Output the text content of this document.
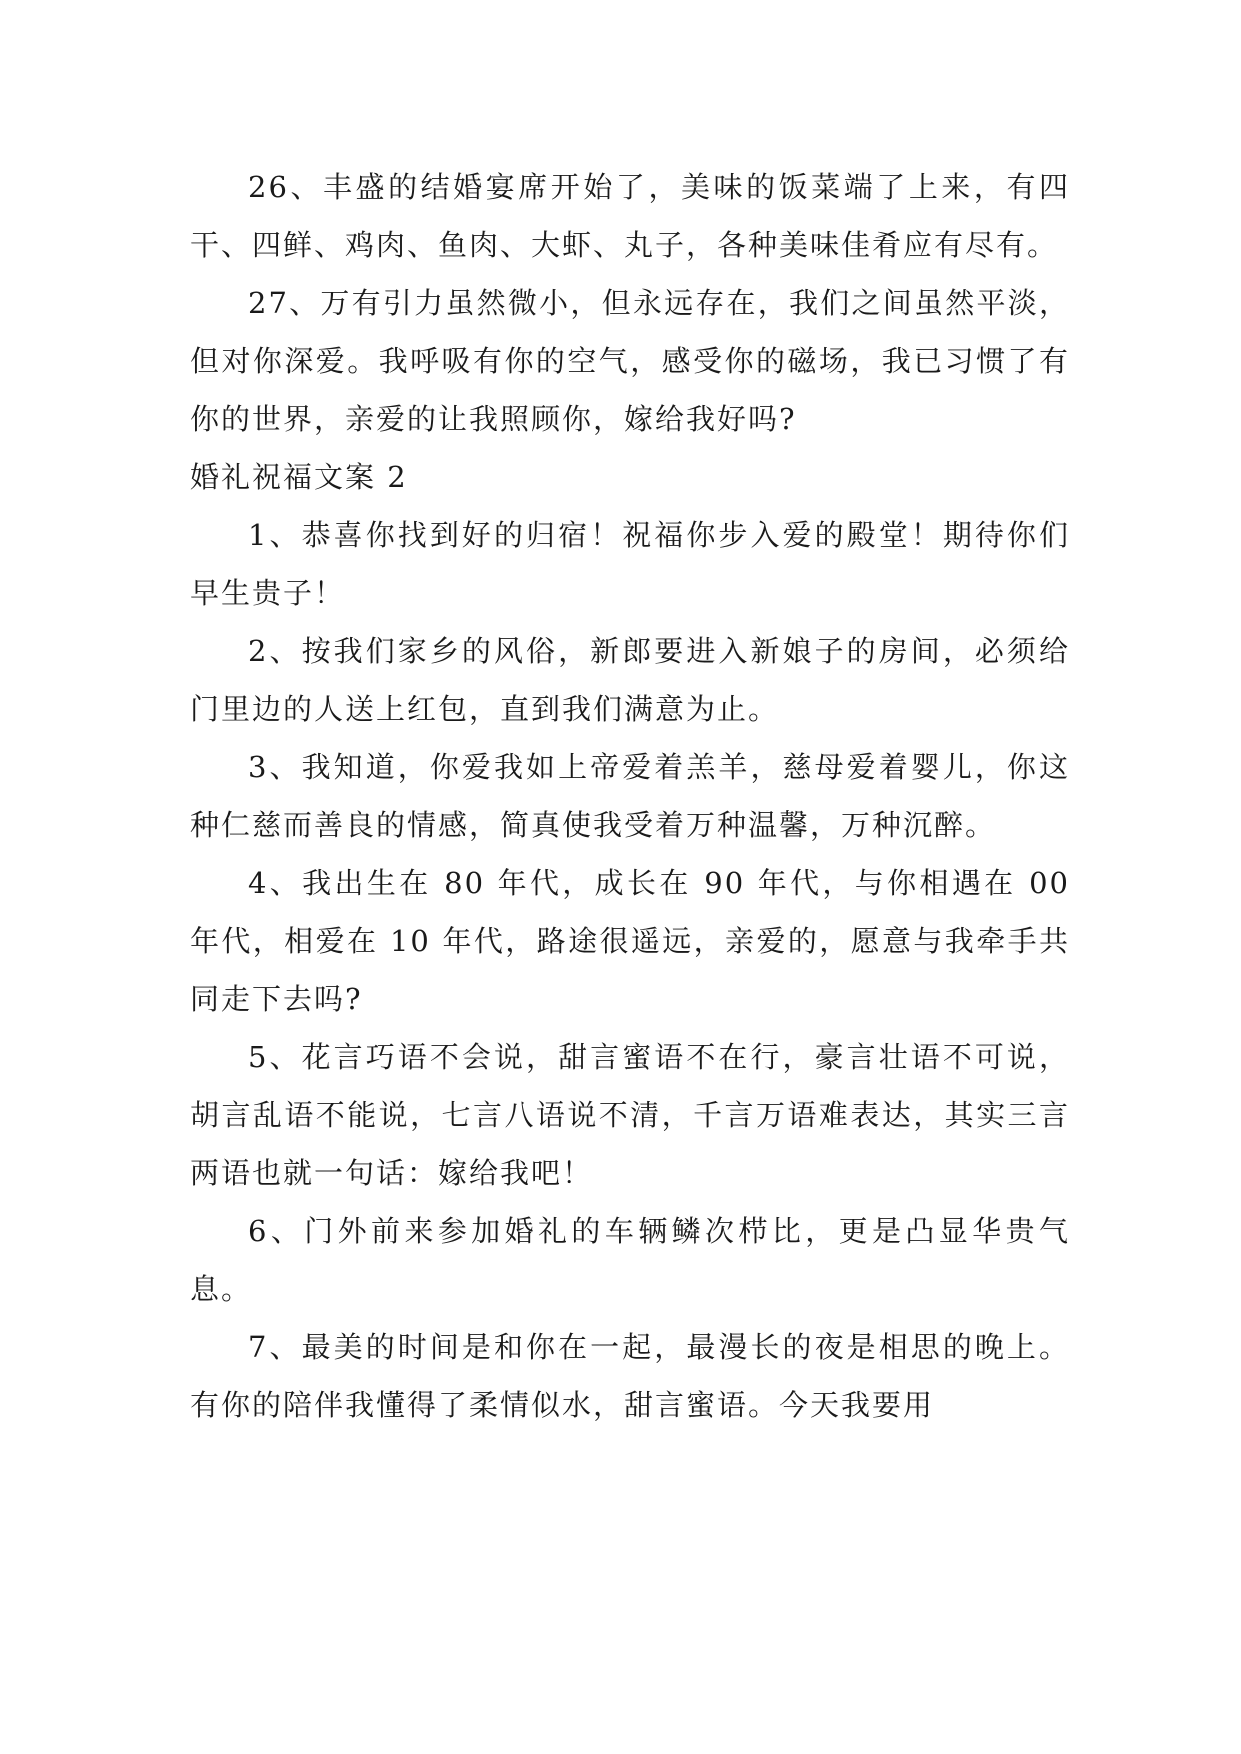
26、丰盛的结婚宴席开始了，美味的饭菜端了上来，有四干、四鲜、鸡肉、鱼肉、大虾、丸子，各种美味佳肴应有尽有。

27、万有引力虽然微小，但永远存在，我们之间虽然平淡，但对你深爱。我呼吸有你的空气，感受你的磁场，我已习惯了有你的世界，亲爱的让我照顾你，嫁给我好吗?

婚礼祝福文案 2

1、恭喜你找到好的归宿！祝福你步入爱的殿堂！期待你们早生贵子！

2、按我们家乡的风俗，新郎要进入新娘子的房间，必须给门里边的人送上红包，直到我们满意为止。

3、我知道，你爱我如上帝爱着羔羊，慈母爱着婴儿，你这种仁慈而善良的情感，简真使我受着万种温馨，万种沉醉。

4、我出生在 80 年代，成长在 90 年代，与你相遇在 00 年代，相爱在 10 年代，路途很遥远，亲爱的，愿意与我牵手共同走下去吗?

5、花言巧语不会说，甜言蜜语不在行，豪言壮语不可说，胡言乱语不能说，七言八语说不清，千言万语难表达，其实三言两语也就一句话：嫁给我吧！

6、门外前来参加婚礼的车辆鳞次栉比，更是凸显华贵气息。

7、最美的时间是和你在一起，最漫长的夜是相思的晚上。有你的陪伴我懂得了柔情似水，甜言蜜语。今天我要用
